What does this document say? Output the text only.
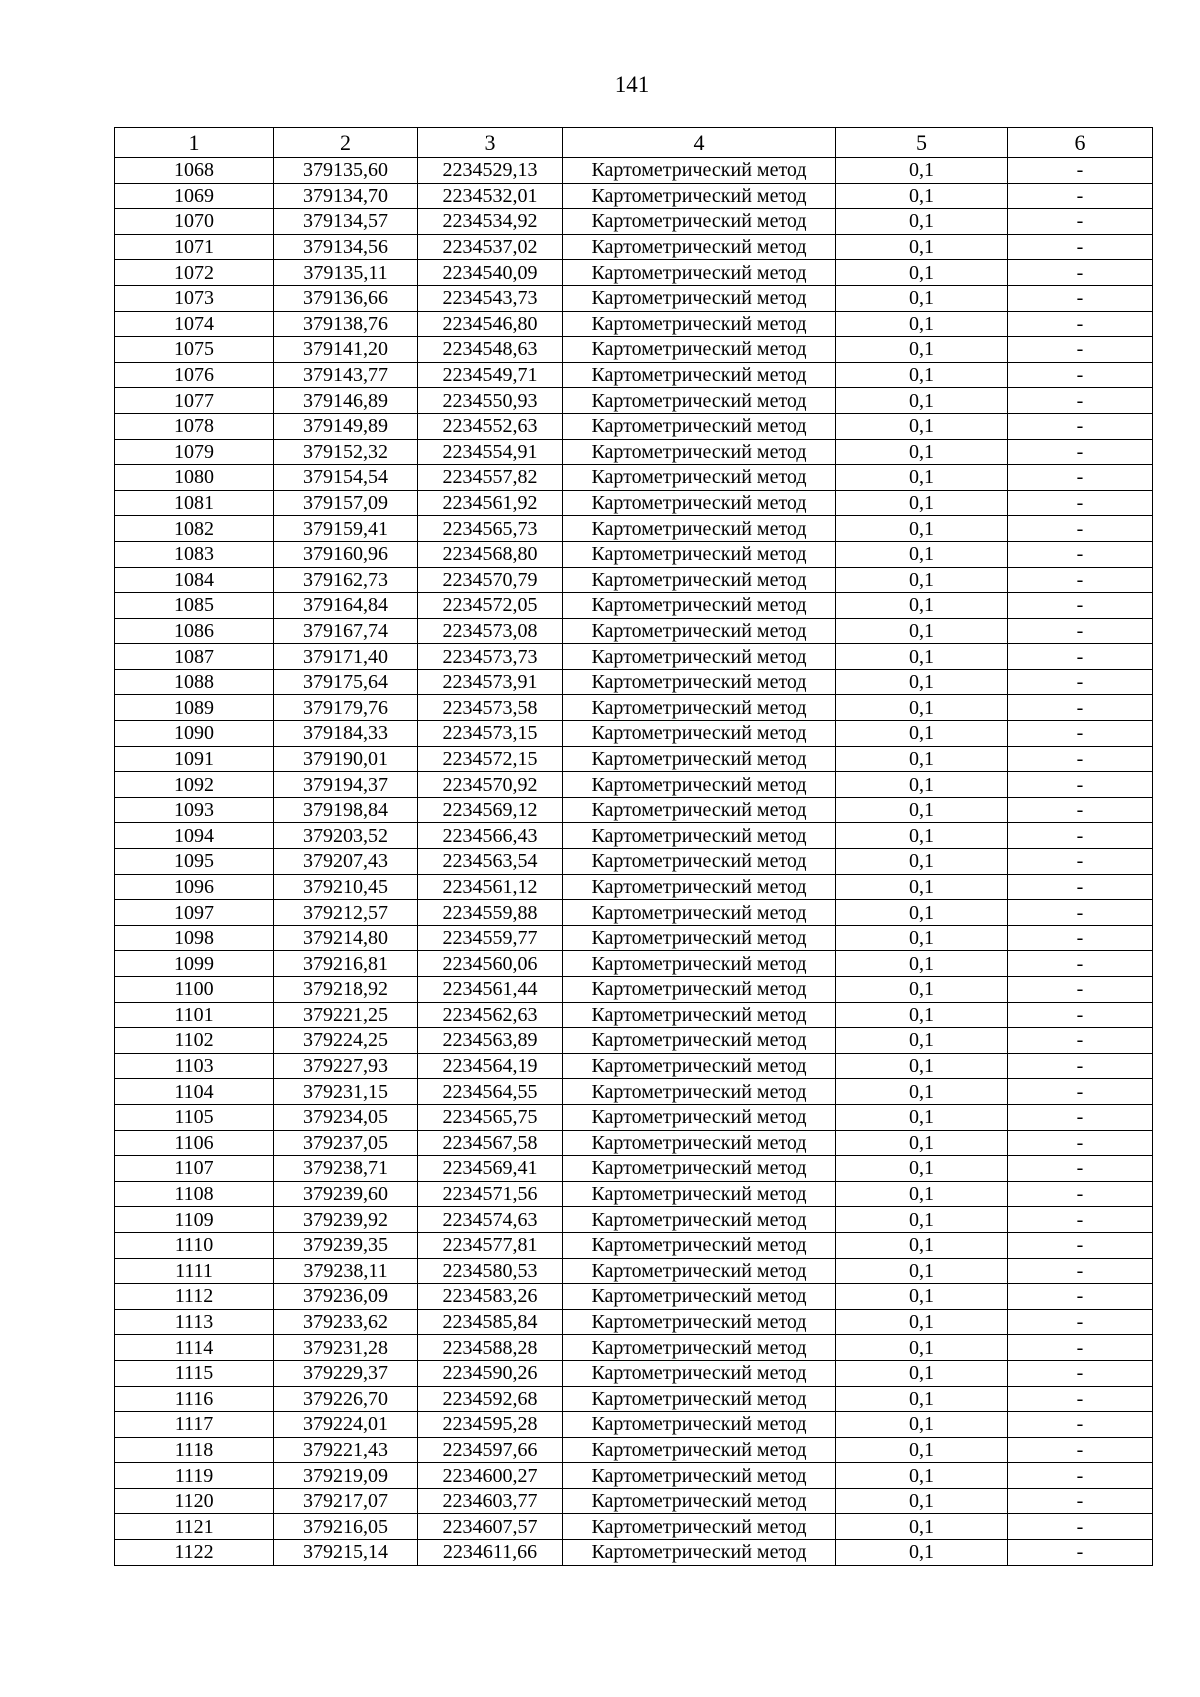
141
1	2	3	4	5	6
1068	379135,60	2234529,13	Картометрический метод	0,1	-
1069	379134,70	2234532,01	Картометрический метод	0,1	-
1070	379134,57	2234534,92	Картометрический метод	0,1	-
1071	379134,56	2234537,02	Картометрический метод	0,1	-
1072	379135,11	2234540,09	Картометрический метод	0,1	-
1073	379136,66	2234543,73	Картометрический метод	0,1	-
1074	379138,76	2234546,80	Картометрический метод	0,1	-
1075	379141,20	2234548,63	Картометрический метод	0,1	-
1076	379143,77	2234549,71	Картометрический метод	0,1	-
1077	379146,89	2234550,93	Картометрический метод	0,1	-
1078	379149,89	2234552,63	Картометрический метод	0,1	-
1079	379152,32	2234554,91	Картометрический метод	0,1	-
1080	379154,54	2234557,82	Картометрический метод	0,1	-
1081	379157,09	2234561,92	Картометрический метод	0,1	-
1082	379159,41	2234565,73	Картометрический метод	0,1	-
1083	379160,96	2234568,80	Картометрический метод	0,1	-
1084	379162,73	2234570,79	Картометрический метод	0,1	-
1085	379164,84	2234572,05	Картометрический метод	0,1	-
1086	379167,74	2234573,08	Картометрический метод	0,1	-
1087	379171,40	2234573,73	Картометрический метод	0,1	-
1088	379175,64	2234573,91	Картометрический метод	0,1	-
1089	379179,76	2234573,58	Картометрический метод	0,1	-
1090	379184,33	2234573,15	Картометрический метод	0,1	-
1091	379190,01	2234572,15	Картометрический метод	0,1	-
1092	379194,37	2234570,92	Картометрический метод	0,1	-
1093	379198,84	2234569,12	Картометрический метод	0,1	-
1094	379203,52	2234566,43	Картометрический метод	0,1	-
1095	379207,43	2234563,54	Картометрический метод	0,1	-
1096	379210,45	2234561,12	Картометрический метод	0,1	-
1097	379212,57	2234559,88	Картометрический метод	0,1	-
1098	379214,80	2234559,77	Картометрический метод	0,1	-
1099	379216,81	2234560,06	Картометрический метод	0,1	-
1100	379218,92	2234561,44	Картометрический метод	0,1	-
1101	379221,25	2234562,63	Картометрический метод	0,1	-
1102	379224,25	2234563,89	Картометрический метод	0,1	-
1103	379227,93	2234564,19	Картометрический метод	0,1	-
1104	379231,15	2234564,55	Картометрический метод	0,1	-
1105	379234,05	2234565,75	Картометрический метод	0,1	-
1106	379237,05	2234567,58	Картометрический метод	0,1	-
1107	379238,71	2234569,41	Картометрический метод	0,1	-
1108	379239,60	2234571,56	Картометрический метод	0,1	-
1109	379239,92	2234574,63	Картометрический метод	0,1	-
1110	379239,35	2234577,81	Картометрический метод	0,1	-
1111	379238,11	2234580,53	Картометрический метод	0,1	-
1112	379236,09	2234583,26	Картометрический метод	0,1	-
1113	379233,62	2234585,84	Картометрический метод	0,1	-
1114	379231,28	2234588,28	Картометрический метод	0,1	-
1115	379229,37	2234590,26	Картометрический метод	0,1	-
1116	379226,70	2234592,68	Картометрический метод	0,1	-
1117	379224,01	2234595,28	Картометрический метод	0,1	-
1118	379221,43	2234597,66	Картометрический метод	0,1	-
1119	379219,09	2234600,27	Картометрический метод	0,1	-
1120	379217,07	2234603,77	Картометрический метод	0,1	-
1121	379216,05	2234607,57	Картометрический метод	0,1	-
1122	379215,14	2234611,66	Картометрический метод	0,1	-
